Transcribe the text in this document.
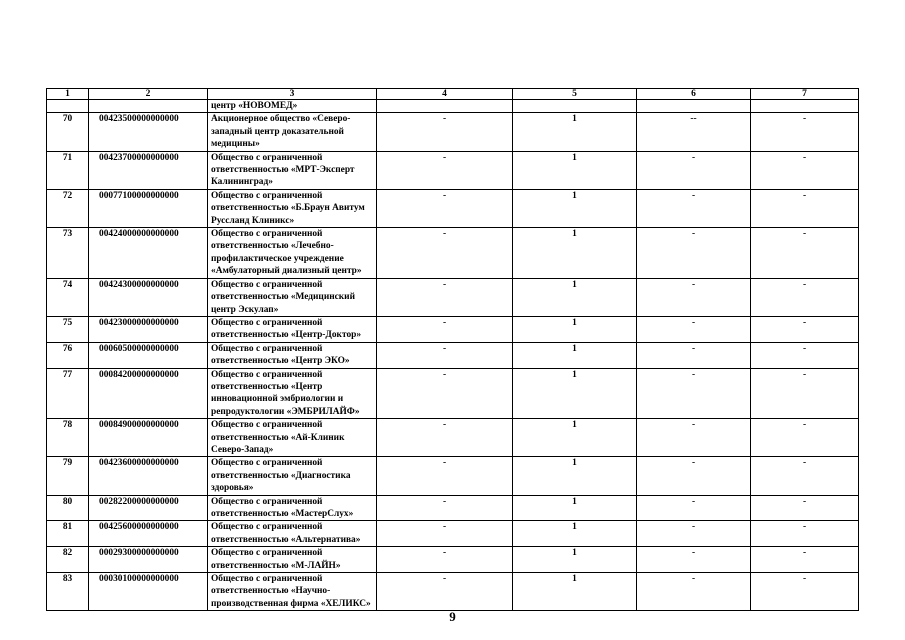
1	2	3	4	5	6	7
		центр «НОВОМЕД»				
70	00423500000000000	Акционерное общество «Северо-западный центр доказательной медицины»	-	1	--	-
71	00423700000000000	Общество с ограниченной ответственностью «МРТ-Эксперт Калининград»	-	1	-	-
72	00077100000000000	Общество с ограниченной ответственностью «Б.Браун Авитум Руссланд Клиникс»	-	1	-	-
73	00424000000000000	Общество с ограниченной ответственностью «Лечебно-профилактическое учреждение «Амбулаторный диализный центр»	-	1	-	-
74	00424300000000000	Общество с ограниченной ответственностью «Медицинский центр Эскулап»	-	1	-	-
75	00423000000000000	Общество с ограниченной ответственностью «Центр-Доктор»	-	1	-	-
76	00060500000000000	Общество с ограниченной ответственностью «Центр ЭКО»	-	1	-	-
77	00084200000000000	Общество с ограниченной ответственностью «Центр инновационной эмбриологии и репродуктологии «ЭМБРИЛАЙФ»	-	1	-	-
78	00084900000000000	Общество с ограниченной ответственностью «Ай-Клиник Северо-Запад»	-	1	-	-
79	00423600000000000	Общество с ограниченной ответственностью «Диагностика здоровья»	-	1	-	-
80	00282200000000000	Общество с ограниченной ответственностью «МастерСлух»	-	1	-	-
81	00425600000000000	Общество с ограниченной ответственностью «Альтернатива»	-	1	-	-
82	00029300000000000	Общество с ограниченной ответственностью «М-ЛАЙН»	-	1	-	-
83	00030100000000000	Общество с ограниченной ответственностью «Научно-производственная фирма «ХЕЛИКС»	-	1	-	-
9
